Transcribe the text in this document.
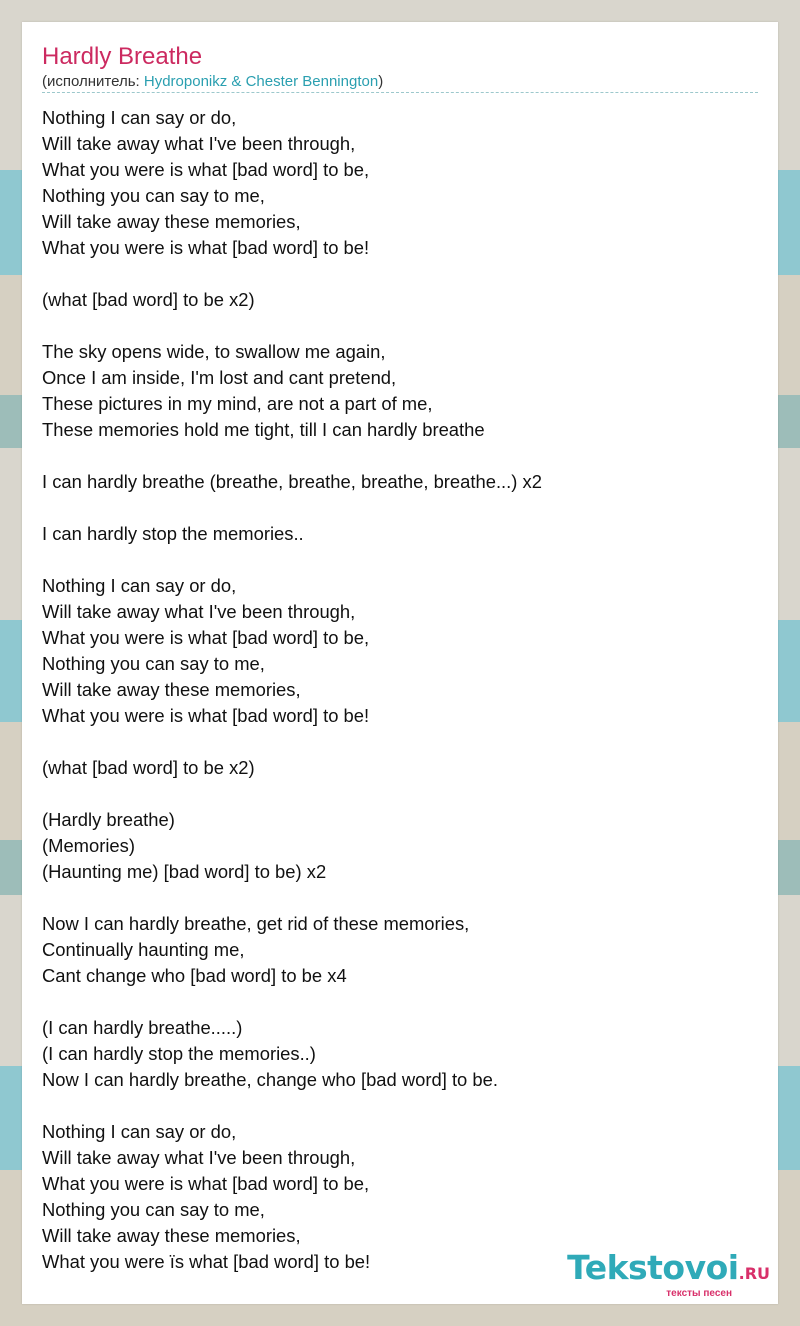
Hardly Breathe
(исполнитель: Hydroponikz & Chester Bennington)
Nothing I can say or do,
Will take away what I've been through,
What you were is what [bad word] to be,
Nothing you can say to me,
Will take away these memories,
What you were is what [bad word] to be!

(what [bad word] to be x2)

The sky opens wide, to swallow me again,
Once I am inside, I'm lost and cant pretend,
These pictures in my mind, are not a part of me,
These memories hold me tight, till I can hardly breathe

I can hardly breathe (breathe, breathe, breathe, breathe...) x2

I can hardly stop the memories..

Nothing I can say or do,
Will take away what I've been through,
What you were is what [bad word] to be,
Nothing you can say to me,
Will take away these memories,
What you were is what [bad word] to be!

(what [bad word] to be x2)

(Hardly breathe)
(Memories)
(Haunting me) [bad word] to be) x2

Now I can hardly breathe, get rid of these memories,
Continually haunting me,
Cant change who [bad word] to be x4

(I can hardly breathe.....)
(I can hardly stop the memories..)
Now I can hardly breathe, change who [bad word] to be.

Nothing I can say or do,
Will take away what I've been through,
What you were is what [bad word] to be,
Nothing you can say to me,
Will take away these memories,
What you were їs what [bad word] to be!	Tekstovoi.RU
тексты песен
